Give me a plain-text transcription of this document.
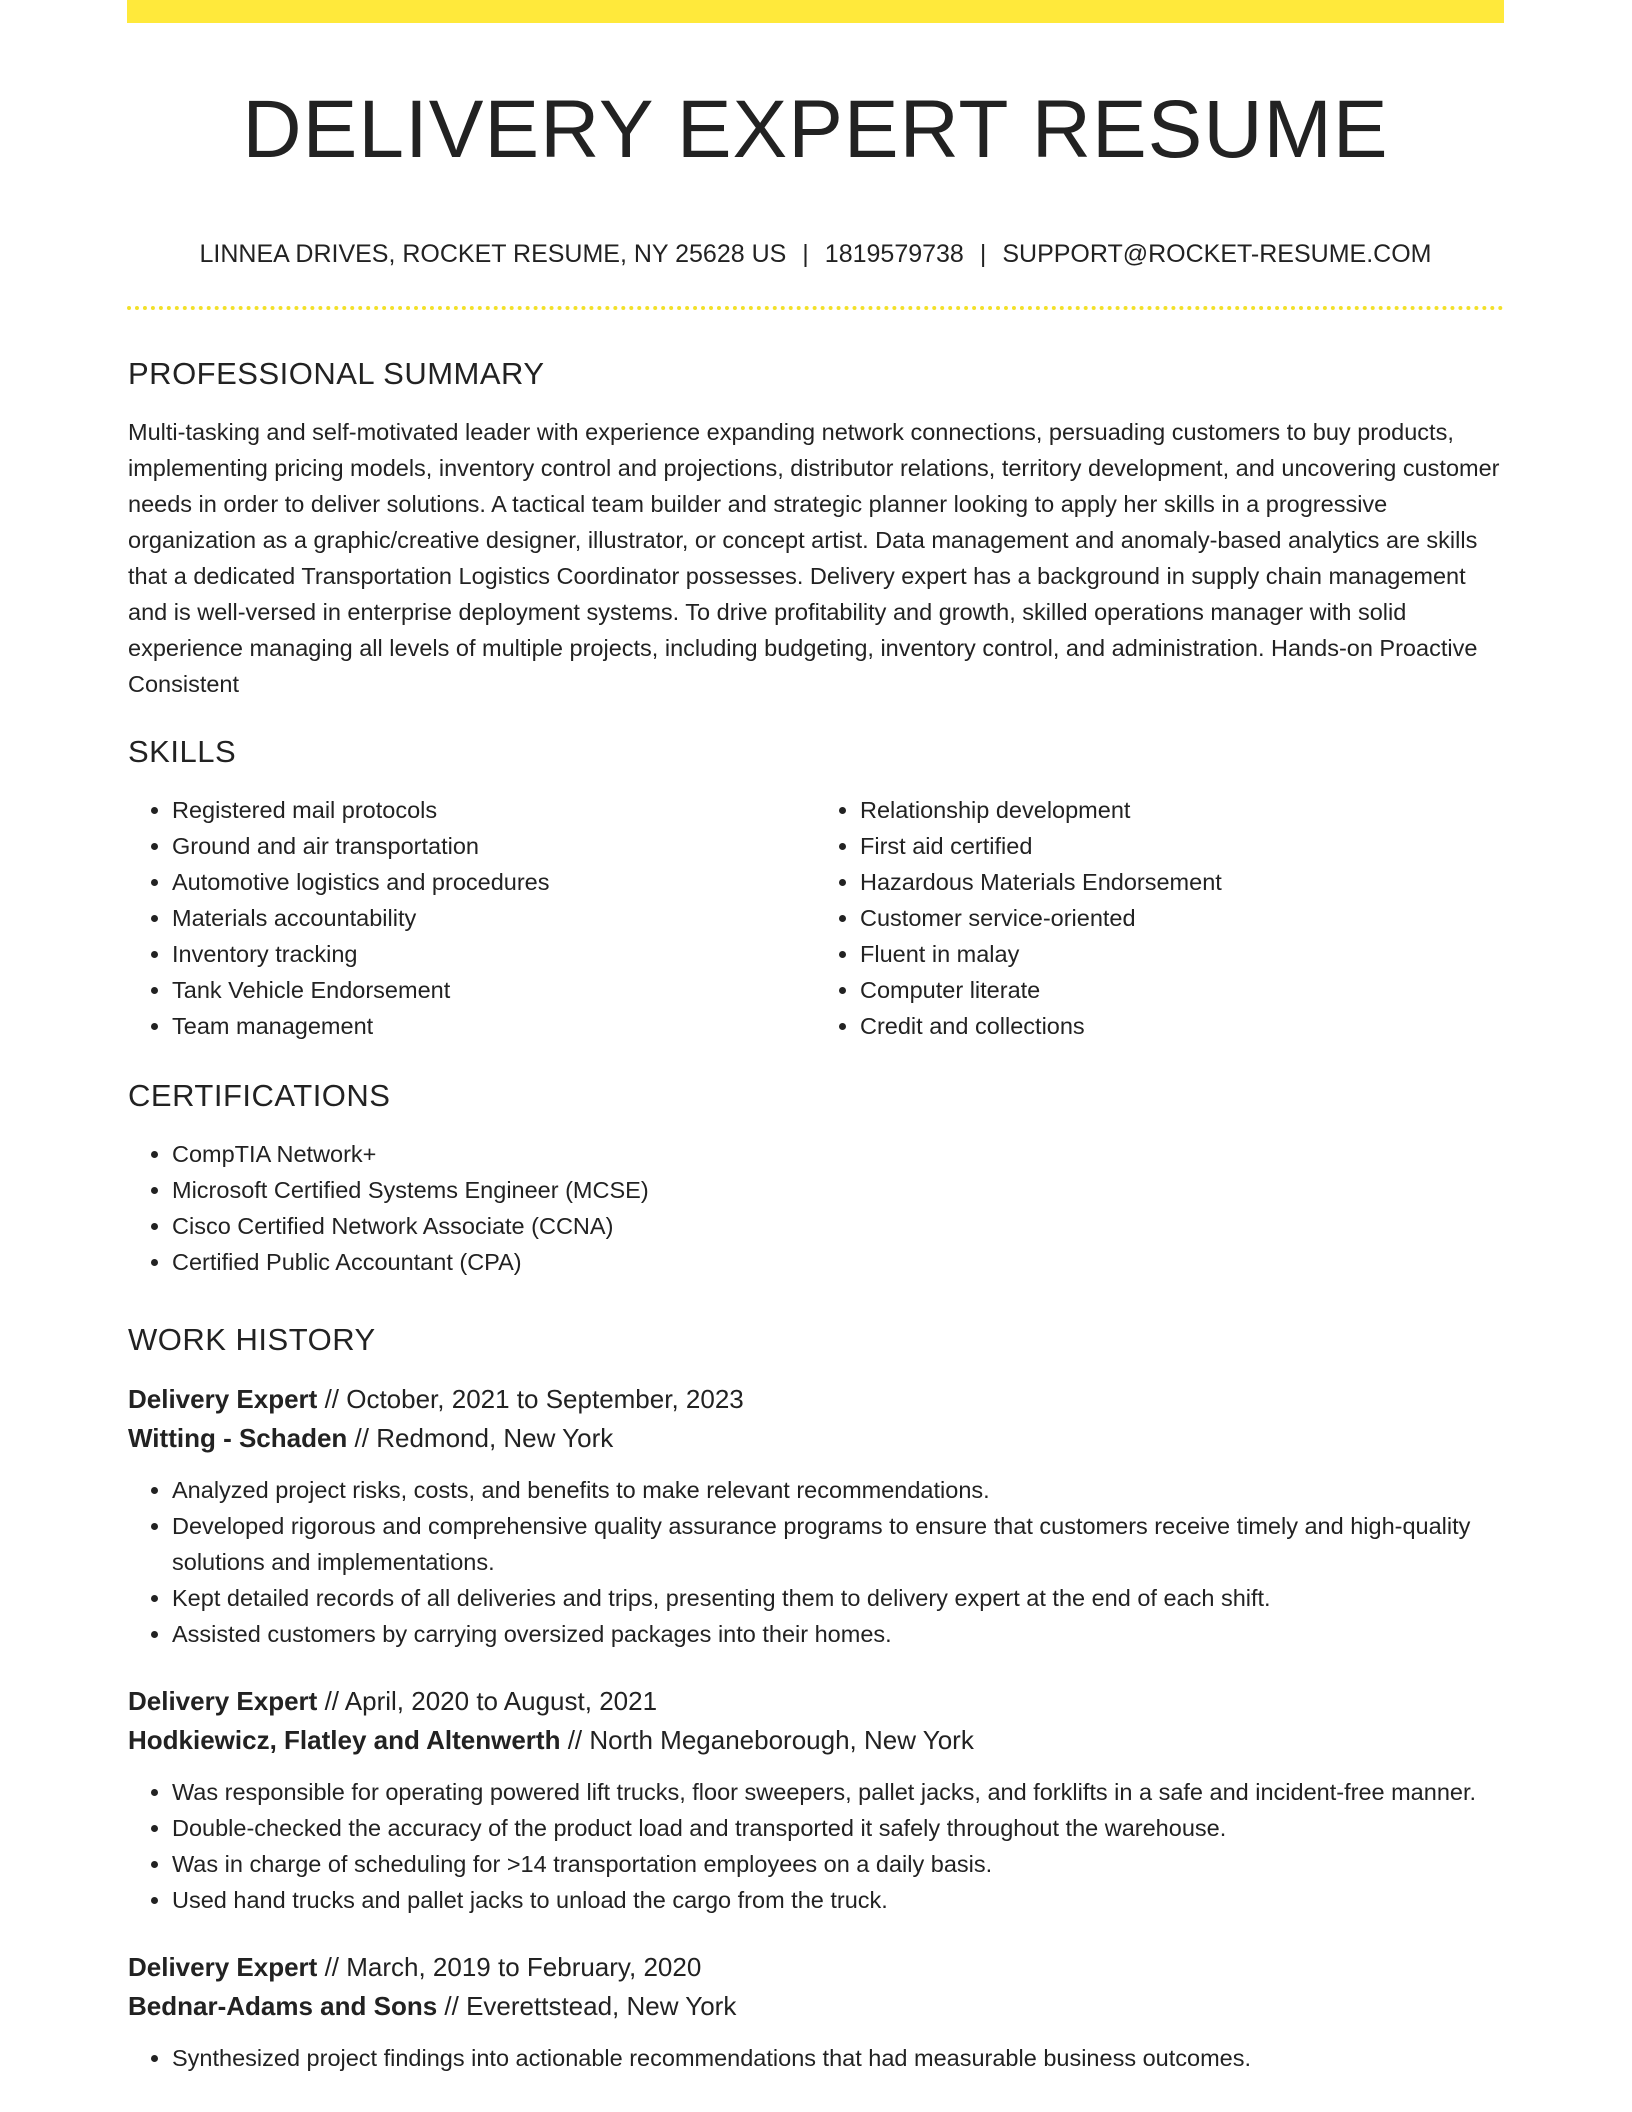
DELIVERY EXPERT RESUME
LINNEA DRIVES, ROCKET RESUME, NY 25628 US | 1819579738 | SUPPORT@ROCKET-RESUME.COM
PROFESSIONAL SUMMARY

Multi-tasking and self-motivated leader with experience expanding network connections, persuading customers to buy products, implementing pricing models, inventory control and projections, distributor relations, territory development, and uncovering customer needs in order to deliver solutions. A tactical team builder and strategic planner looking to apply her skills in a progressive organization as a graphic/creative designer, illustrator, or concept artist. Data management and anomaly-based analytics are skills that a dedicated Transportation Logistics Coordinator possesses. Delivery expert has a background in supply chain management and is well-versed in enterprise deployment systems. To drive profitability and growth, skilled operations manager with solid experience managing all levels of multiple projects, including budgeting, inventory control, and administration. Hands-on Proactive Consistent

SKILLS
• Registered mail protocols
• Ground and air transportation
• Automotive logistics and procedures
• Materials accountability
• Inventory tracking
• Tank Vehicle Endorsement
• Team management
• Relationship development
• First aid certified
• Hazardous Materials Endorsement
• Customer service-oriented
• Fluent in malay
• Computer literate
• Credit and collections
CERTIFICATIONS
• CompTIA Network+
• Microsoft Certified Systems Engineer (MCSE)
• Cisco Certified Network Associate (CCNA)
• Certified Public Accountant (CPA)
WORK HISTORY
Delivery Expert // October, 2021 to September, 2023
Witting - Schaden // Redmond, New York
• Analyzed project risks, costs, and benefits to make relevant recommendations.
• Developed rigorous and comprehensive quality assurance programs to ensure that customers receive timely and high-quality solutions and implementations.
• Kept detailed records of all deliveries and trips, presenting them to delivery expert at the end of each shift.
• Assisted customers by carrying oversized packages into their homes.
Delivery Expert // April, 2020 to August, 2021
Hodkiewicz, Flatley and Altenwerth // North Meganeborough, New York
• Was responsible for operating powered lift trucks, floor sweepers, pallet jacks, and forklifts in a safe and incident-free manner.
• Double-checked the accuracy of the product load and transported it safely throughout the warehouse.
• Was in charge of scheduling for >14 transportation employees on a daily basis.
• Used hand trucks and pallet jacks to unload the cargo from the truck.
Delivery Expert // March, 2019 to February, 2020
Bednar-Adams and Sons // Everettstead, New York
• Synthesized project findings into actionable recommendations that had measurable business outcomes.
